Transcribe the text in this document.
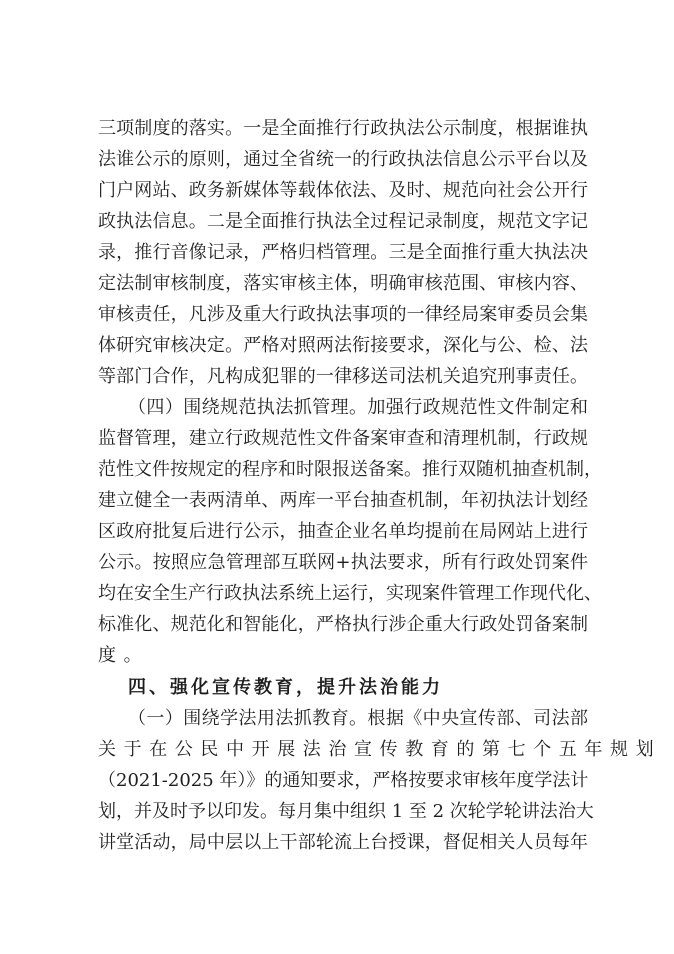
三项制度的落实。一是全面推行行政执法公示制度，根据谁执
法谁公示的原则，通过全省统一的行政执法信息公示平台以及
门户网站、政务新媒体等载体依法、及时、规范向社会公开行
政执法信息。二是全面推行执法全过程记录制度，规范文字记
录，推行音像记录，严格归档管理。三是全面推行重大执法决
定法制审核制度，落实审核主体，明确审核范围、审核内容、
审核责任，凡涉及重大行政执法事项的一律经局案审委员会集
体研究审核决定。严格对照两法衔接要求，深化与公、检、法
等部门合作，凡构成犯罪的一律移送司法机关追究刑事责任。
（四）围绕规范执法抓管理。加强行政规范性文件制定和
监督管理，建立行政规范性文件备案审查和清理机制，行政规
范性文件按规定的程序和时限报送备案。推行双随机抽查机制，
建立健全一表两清单、两库一平台抽查机制，年初执法计划经
区政府批复后进行公示，抽查企业名单均提前在局网站上进行
公示。按照应急管理部互联网+执法要求，所有行政处罚案件
均在安全生产行政执法系统上运行，实现案件管理工作现代化、
标准化、规范化和智能化，严格执行涉企重大行政处罚备案制
度。
四、强化宣传教育，提升法治能力
（一）围绕学法用法抓教育。根据《中央宣传部、司法部
关于在公民中开展法治宣传教育的第七个五年规划
（2021-2025 年）》的通知要求，严格按要求审核年度学法计
划，并及时予以印发。每月集中组织 1 至 2 次轮学轮讲法治大
讲堂活动，局中层以上干部轮流上台授课，督促相关人员每年
